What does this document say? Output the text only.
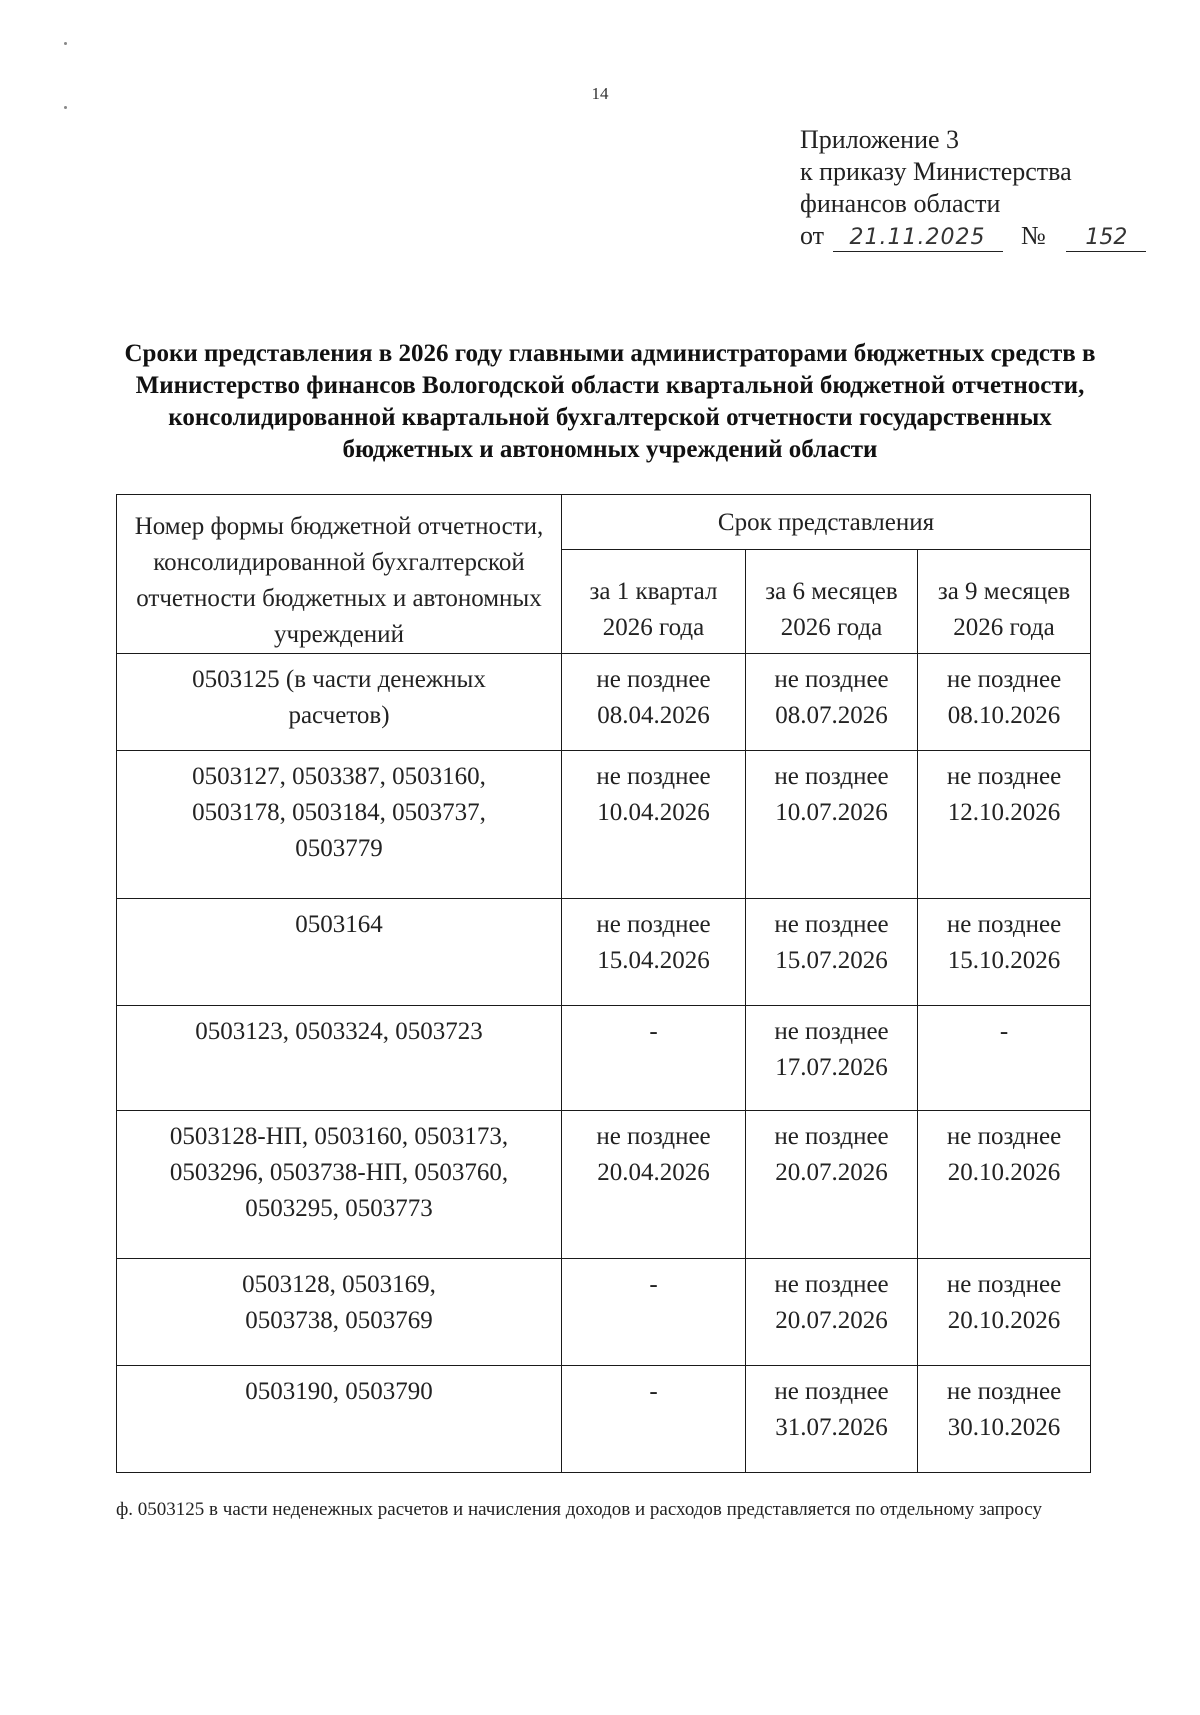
14
Приложение 3
к приказу Министерства
финансов области
от 21.11.2025 № 152
Сроки представления в 2026 году главными администраторами бюджетных средств в Министерство финансов Вологодской области квартальной бюджетной отчетности, консолидированной квартальной бухгалтерской отчетности государственных бюджетных и автономных учреждений области
Номер формы бюджетной отчетности, консолидированной бухгалтерской отчетности бюджетных и автономных учреждений	Срок представления		

	за 1 квартал
2026 года	за 6 месяцев
2026 года	за 9 месяцев
2026 года

0503125 (в части денежных
расчетов)	не позднее
08.04.2026	не позднее
08.07.2026	не позднее
08.10.2026

0503127, 0503387, 0503160,
0503178, 0503184, 0503737,
0503779	не позднее
10.04.2026	не позднее
10.07.2026	не позднее
12.10.2026

0503164	не позднее
15.04.2026	не позднее
15.07.2026	не позднее
15.10.2026

0503123, 0503324, 0503723	-	не позднее
17.07.2026	-

0503128-НП, 0503160, 0503173,
0503296, 0503738-НП, 0503760,
0503295, 0503773	не позднее
20.04.2026	не позднее
20.07.2026	не позднее
20.10.2026

0503128, 0503169,
0503738, 0503769	-	не позднее
20.07.2026	не позднее
20.10.2026

0503190, 0503790	-	не позднее
31.07.2026	не позднее
30.10.2026

ф. 0503125 в части неденежных расчетов и начисления доходов и расходов представляется по отдельному запросу
